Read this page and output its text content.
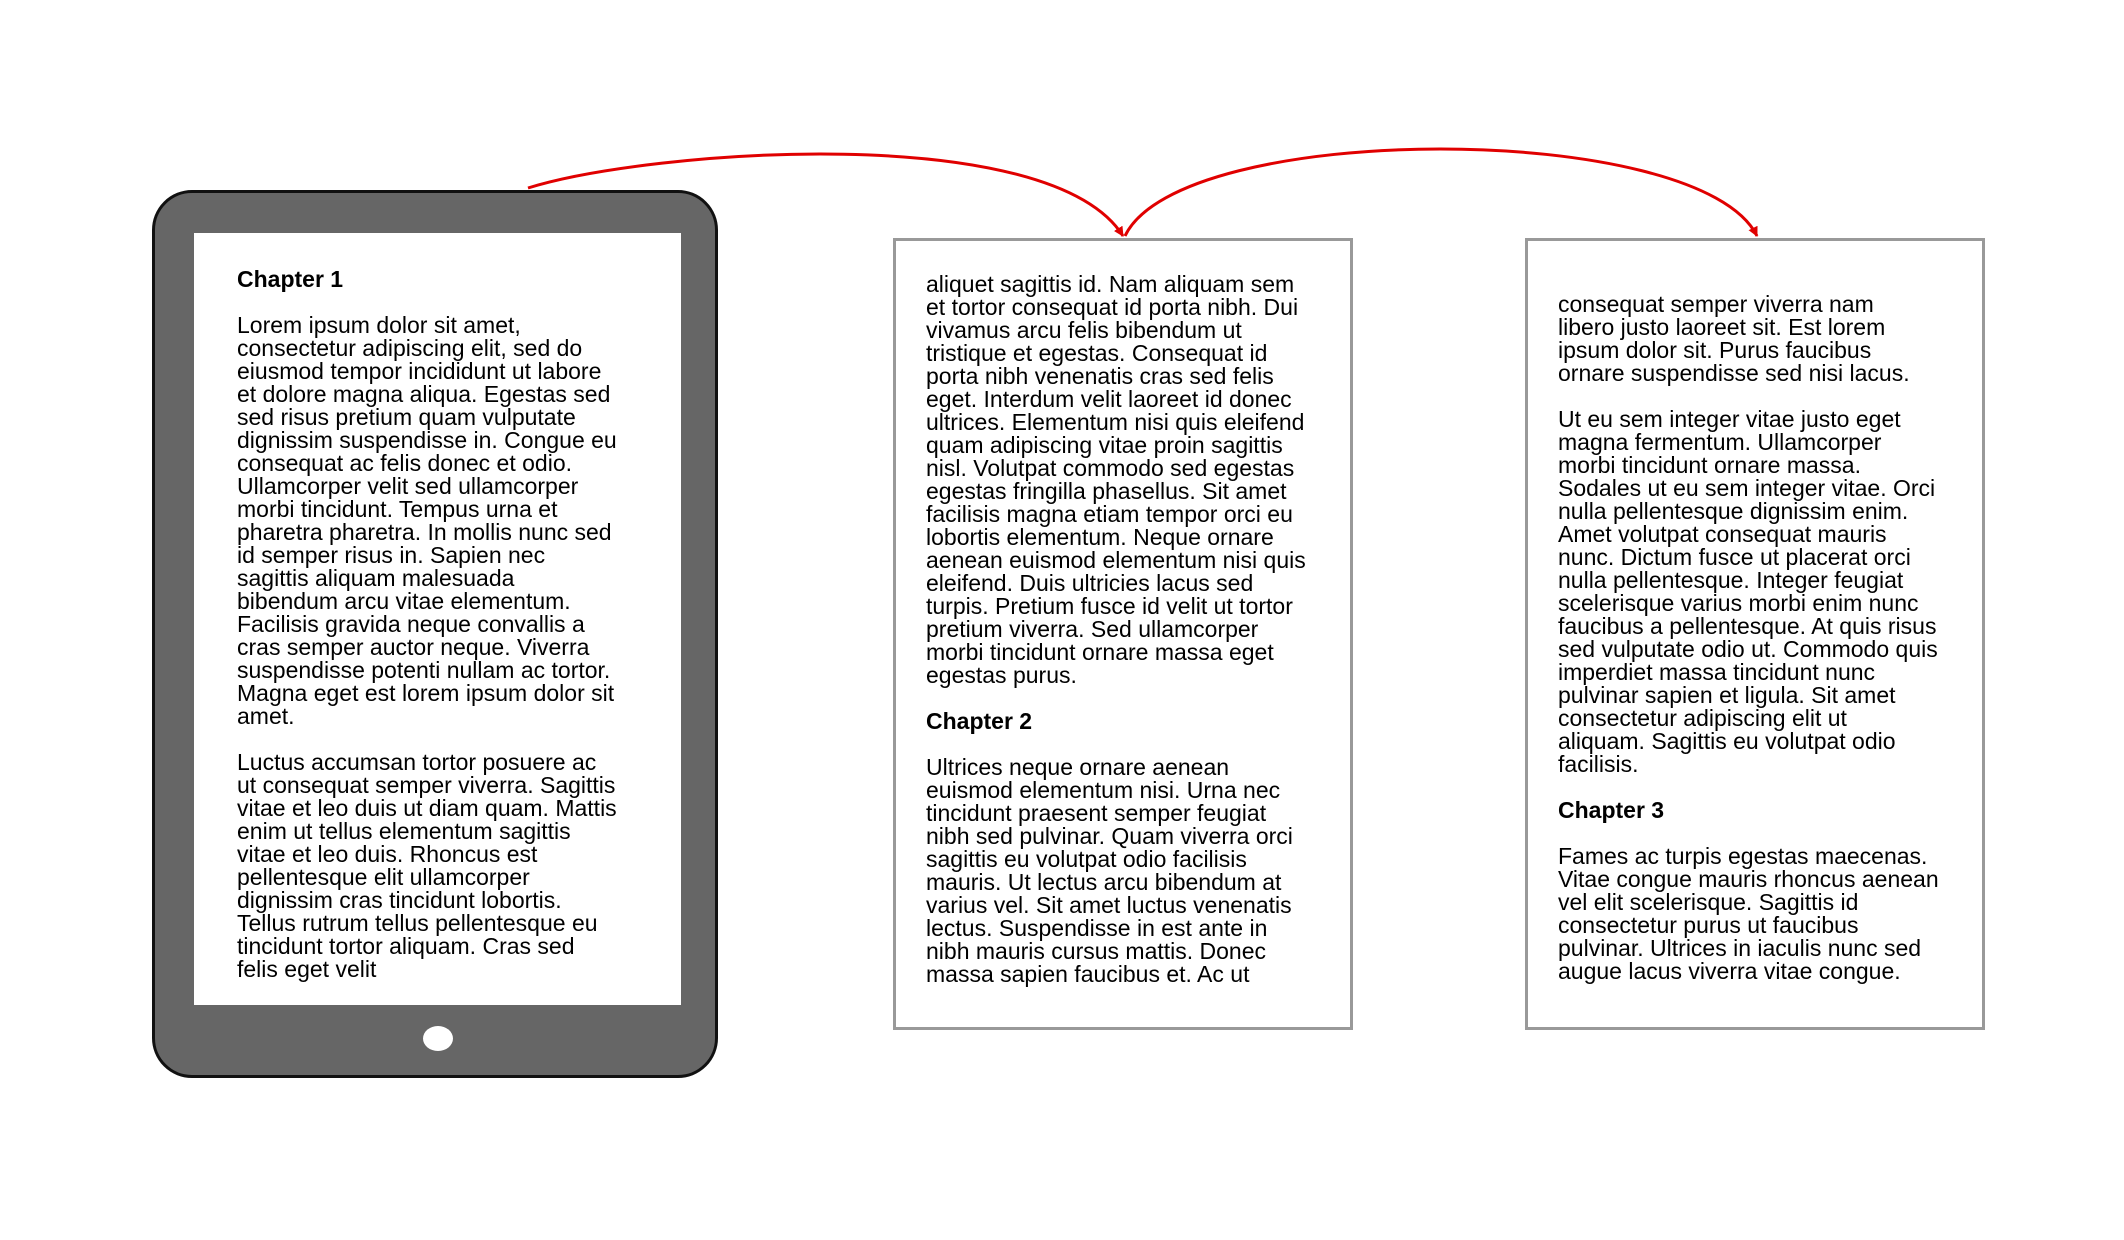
Chapter 1
Lorem ipsum dolor sit amet,
consectetur adipiscing elit, sed do
eiusmod tempor incididunt ut labore
et dolore magna aliqua. Egestas sed
sed risus pretium quam vulputate
dignissim suspendisse in. Congue eu
consequat ac felis donec et odio.
Ullamcorper velit sed ullamcorper
morbi tincidunt. Tempus urna et
pharetra pharetra. In mollis nunc sed
id semper risus in. Sapien nec
sagittis aliquam malesuada
bibendum arcu vitae elementum.
Facilisis gravida neque convallis a
cras semper auctor neque. Viverra
suspendisse potenti nullam ac tortor.
Magna eget est lorem ipsum dolor sit
amet.
Luctus accumsan tortor posuere ac
ut consequat semper viverra. Sagittis
vitae et leo duis ut diam quam. Mattis
enim ut tellus elementum sagittis
vitae et leo duis. Rhoncus est
pellentesque elit ullamcorper
dignissim cras tincidunt lobortis.
Tellus rutrum tellus pellentesque eu
tincidunt tortor aliquam. Cras sed
felis eget velit
aliquet sagittis id. Nam aliquam sem
et tortor consequat id porta nibh. Dui
vivamus arcu felis bibendum ut
tristique et egestas. Consequat id
porta nibh venenatis cras sed felis
eget. Interdum velit laoreet id donec
ultrices. Elementum nisi quis eleifend
quam adipiscing vitae proin sagittis
nisl. Volutpat commodo sed egestas
egestas fringilla phasellus. Sit amet
facilisis magna etiam tempor orci eu
lobortis elementum. Neque ornare
aenean euismod elementum nisi quis
eleifend. Duis ultricies lacus sed
turpis. Pretium fusce id velit ut tortor
pretium viverra. Sed ullamcorper
morbi tincidunt ornare massa eget
egestas purus.
Chapter 2
Ultrices neque ornare aenean
euismod elementum nisi. Urna nec
tincidunt praesent semper feugiat
nibh sed pulvinar. Quam viverra orci
sagittis eu volutpat odio facilisis
mauris. Ut lectus arcu bibendum at
varius vel. Sit amet luctus venenatis
lectus. Suspendisse in est ante in
nibh mauris cursus mattis. Donec
massa sapien faucibus et. Ac ut
consequat semper viverra nam
libero justo laoreet sit. Est lorem
ipsum dolor sit. Purus faucibus
ornare suspendisse sed nisi lacus.
Ut eu sem integer vitae justo eget
magna fermentum. Ullamcorper
morbi tincidunt ornare massa.
Sodales ut eu sem integer vitae. Orci
nulla pellentesque dignissim enim.
Amet volutpat consequat mauris
nunc. Dictum fusce ut placerat orci
nulla pellentesque. Integer feugiat
scelerisque varius morbi enim nunc
faucibus a pellentesque. At quis risus
sed vulputate odio ut. Commodo quis
imperdiet massa tincidunt nunc
pulvinar sapien et ligula. Sit amet
consectetur adipiscing elit ut
aliquam. Sagittis eu volutpat odio
facilisis.
Chapter 3
Fames ac turpis egestas maecenas.
Vitae congue mauris rhoncus aenean
vel elit scelerisque. Sagittis id
consectetur purus ut faucibus
pulvinar. Ultrices in iaculis nunc sed
augue lacus viverra vitae congue.
